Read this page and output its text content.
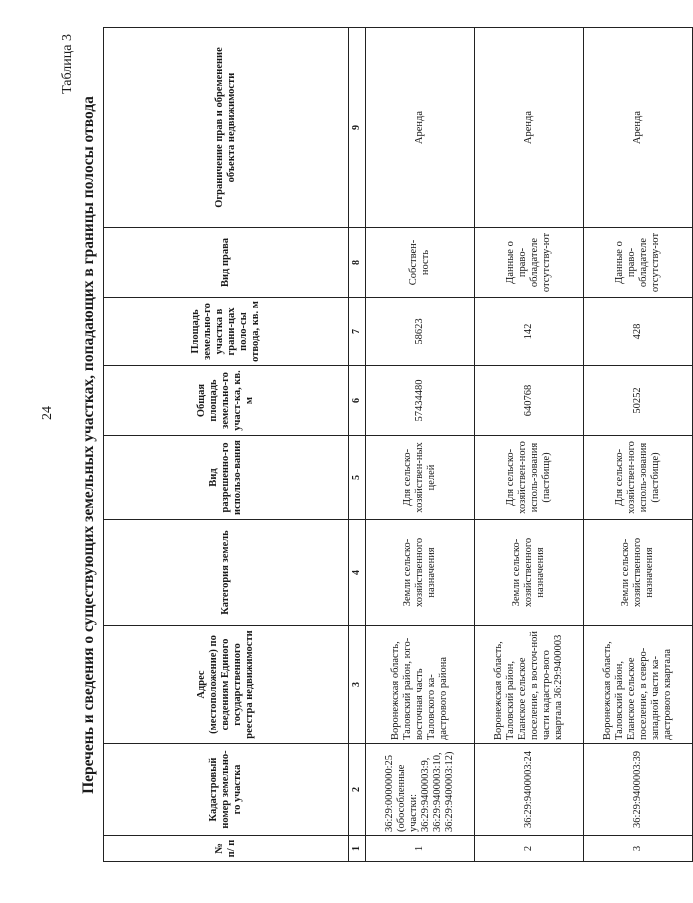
24
Таблица 3
Перечень и сведения о существующих земельных участках, попадающих в границы полосы отвода
№ п/ п	Кадастровый номер земельно-го участка	Адрес (местоположение) по сведениям Единого государственного реестра недвижимости	Категория земель	Вид разрешенно-го использо-вания	Общая площадь земельно-го участ-ка, кв. м	Площадь земельно-го участка в грани-цах поло-сы отвода, кв. м	Вид права	Ограничение прав и обременение объекта недвижимости
1	2	3	4	5	6	7	8	9
1	36:29:0000000:25 (обособленные участки: 36:29:9400003:9, 36:29:9400003:10, 36:29:9400003:12)	Воронежская область, Таловский район, юго-восточная часть Таловского ка-дастрового района	Земли сельско-хозяйственного назначения	Для сельско-хозяйствен-ных целей	57434480	58623	Собствен-ность	Аренда
2	36:29:9400003:24	Воронежская область, Таловский район, Еланское сельское поселение, в восточ-ной части кадастро-вого квартала 36:29:9400003	Земли сельско-хозяйственного назначения	Для сельско-хозяйствен-ного исполь-зования (пастбище)	640768	142	Данные о право-обладателе отсутству-ют	Аренда
3	36:29:9400003:39	Воронежская область, Таловский район, Еланское сельское поселение, в северо-западной части ка-дастрового квартала	Земли сельско-хозяйственного назначения	Для сельско-хозяйствен-ного исполь-зования (пастбище)	50252	428	Данные о право-обладателе отсутству-ют	Аренда
